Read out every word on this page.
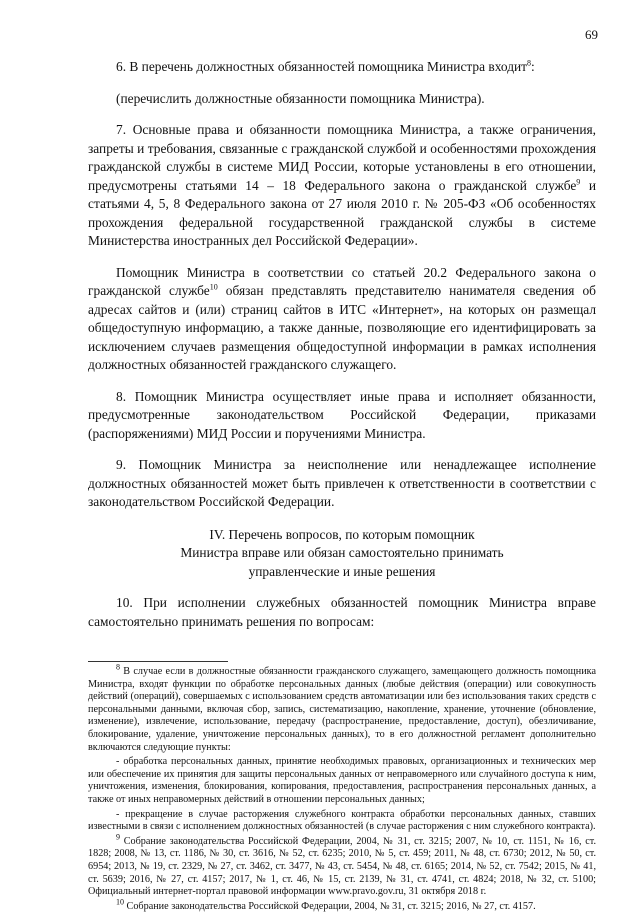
69

6. В перечень должностных обязанностей помощника Министра входит$^8$:

(перечислить должностные обязанности помощника Министра).

7. Основные права и обязанности помощника Министра, а также ограничения, запреты и требования, связанные с гражданской службой и особенностями прохождения гражданской службы в системе МИД России, которые установлены в его отношении, предусмотрены статьями 14 – 18 Федерального закона о гражданской службе$^9$ и статьями 4, 5, 8 Федерального закона от 27 июля 2010 г. № 205-ФЗ «Об особенностях прохождения федеральной государственной гражданской службы в системе Министерства иностранных дел Российской Федерации».

Помощник Министра в соответствии со статьей 20.2 Федерального закона о гражданской службе$^{10}$ обязан представлять представителю нанимателя сведения об адресах сайтов и (или) страниц сайтов в ИТС «Интернет», на которых он размещал общедоступную информацию, а также данные, позволяющие его идентифицировать за исключением случаев размещения общедоступной информации в рамках исполнения должностных обязанностей гражданского служащего.

8. Помощник Министра осуществляет иные права и исполняет обязанности, предусмотренные законодательством Российской Федерации, приказами (распоряжениями) МИД России и поручениями Министра.

9. Помощник Министра за неисполнение или ненадлежащее исполнение должностных обязанностей может быть привлечен к ответственности в соответствии с законодательством Российской Федерации.

IV. Перечень вопросов, по которым помощник
Министра вправе или обязан самостоятельно принимать
управленческие и иные решения

10. При исполнении служебных обязанностей помощник Министра вправе самостоятельно принимать решения по вопросам:

$^8$ В случае если в должностные обязанности гражданского служащего, замещающего должность помощника Министра, входят функции по обработке персональных данных (любые действия (операции) или совокупность действий (операций), совершаемых с использованием средств автоматизации или без использования таких средств с персональными данными, включая сбор, запись, систематизацию, накопление, хранение, уточнение (обновление, изменение), извлечение, использование, передачу (распространение, предоставление, доступ), обезличивание, блокирование, удаление, уничтожение персональных данных), то в его должностной регламент дополнительно включаются следующие пункты:

- обработка персональных данных, принятие необходимых правовых, организационных и технических мер или обеспечение их принятия для защиты персональных данных от неправомерного или случайного доступа к ним, уничтожения, изменения, блокирования, копирования, предоставления, распространения персональных данных, а также от иных неправомерных действий в отношении персональных данных;

- прекращение в случае расторжения служебного контракта обработки персональных данных, ставших известными в связи с исполнением должностных обязанностей (в случае расторжения с ним служебного контракта).

$^9$ Собрание законодательства Российской Федерации, 2004, № 31, ст. 3215; 2007, № 10, ст. 1151, № 16, ст. 1828; 2008, № 13, ст. 1186, № 30, ст. 3616, № 52, ст. 6235; 2010, № 5, ст. 459; 2011, № 48, ст. 6730; 2012, № 50, ст. 6954; 2013, № 19, ст. 2329, № 27, ст. 3462, ст. 3477, № 43, ст. 5454, № 48, ст. 6165; 2014, № 52, ст. 7542; 2015, № 41, ст. 5639; 2016, № 27, ст. 4157; 2017, № 1, ст. 46, № 15, ст. 2139, № 31, ст. 4741, ст. 4824; 2018, № 32, ст. 5100; Официальный интернет-портал правовой информации www.pravo.gov.ru, 31 октября 2018 г.

$^{10}$ Собрание законодательства Российской Федерации, 2004, № 31, ст. 3215; 2016, № 27, ст. 4157.
